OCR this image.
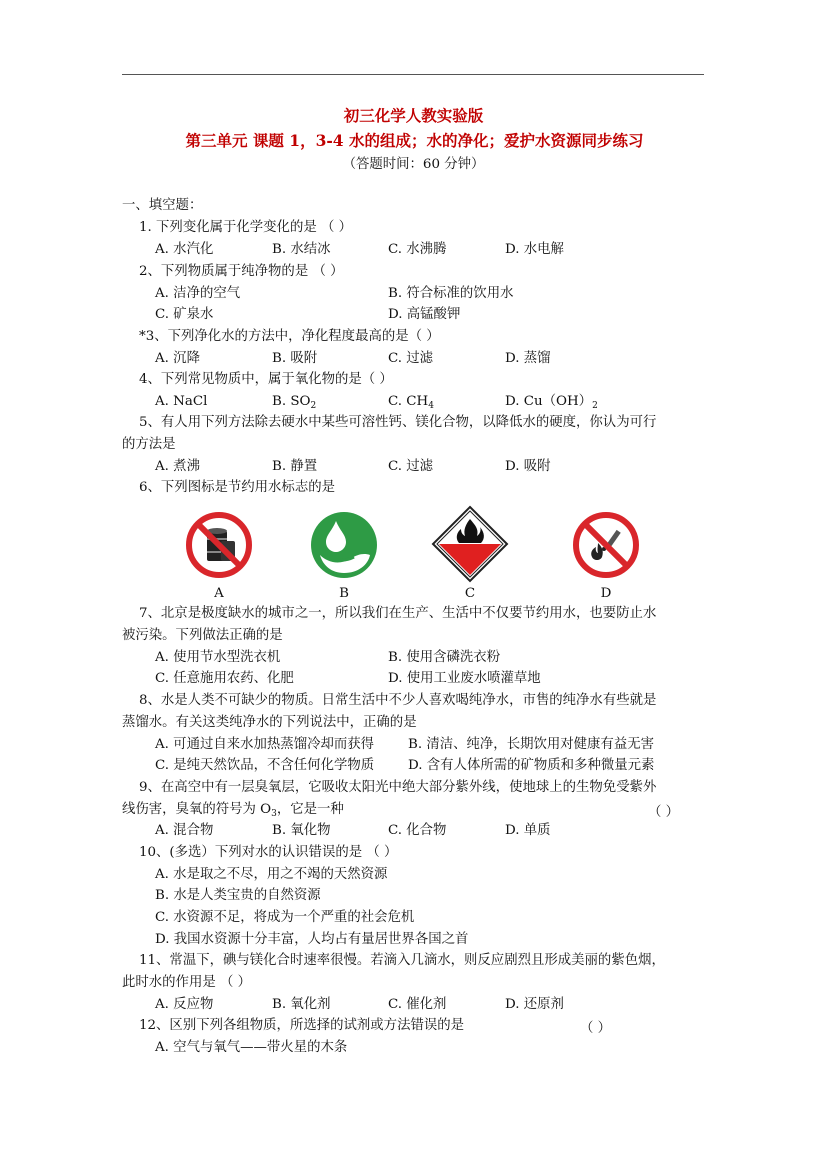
初三化学人教实验版
第三单元 课题 1，3-4 水的组成；水的净化；爱护水资源同步练习
（答题时间：60 分钟）
一、填空题：
1. 下列变化属于化学变化的是 （ ）
A. 水汽化	B. 水结冰	C. 水沸腾	D. 水电解
2、下列物质属于纯净物的是 （ ）
A. 洁净的空气	B. 符合标准的饮用水
C. 矿泉水	D. 高锰酸钾
*3、下列净化水的方法中，净化程度最高的是（ ）
A. 沉降	B. 吸附	C. 过滤	D. 蒸馏
4、下列常见物质中，属于氧化物的是（ ）
A. NaCl	B. $SO_2$	C. $CH_4$	D. $Cu(OH)_2$
5、有人用下列方法除去硬水中某些可溶性钙、镁化合物，以降低水的硬度，你认为可行
的方法是
A. 煮沸	B. 静置	C. 过滤	D. 吸附
6、下列图标是节约用水标志的是
A	B	C	D
7、北京是极度缺水的城市之一，所以我们在生产、生活中不仅要节约用水，也要防止水
被污染。下列做法正确的是
A. 使用节水型洗衣机	B. 使用含磷洗衣粉
C. 任意施用农药、化肥	D. 使用工业废水喷灌草地
8、水是人类不可缺少的物质。日常生活中不少人喜欢喝纯净水，市售的纯净水有些就是
蒸馏水。有关这类纯净水的下列说法中，正确的是
A. 可通过自来水加热蒸馏冷却而获得	B. 清洁、纯净，长期饮用对健康有益无害
C. 是纯天然饮品，不含任何化学物质	D. 含有人体所需的矿物质和多种微量元素
9、在高空中有一层臭氧层，它吸收太阳光中绝大部分紫外线，使地球上的生物免受紫外
线伤害，臭氧的符号为 $O_3$，它是一种	（ ）
A. 混合物	B. 氧化物	C. 化合物	D. 单质
10、(多选）下列对水的认识错误的是 （ ）
A. 水是取之不尽，用之不竭的天然资源
B. 水是人类宝贵的自然资源
C. 水资源不足，将成为一个严重的社会危机
D. 我国水资源十分丰富，人均占有量居世界各国之首
11、常温下，碘与镁化合时速率很慢。若滴入几滴水，则反应剧烈且形成美丽的紫色烟，
此时水的作用是 （ ）
A. 反应物	B. 氧化剂	C. 催化剂	D. 还原剂
12、区别下列各组物质，所选择的试剂或方法错误的是	（ ）
A. 空气与氧气——带火星的木条
